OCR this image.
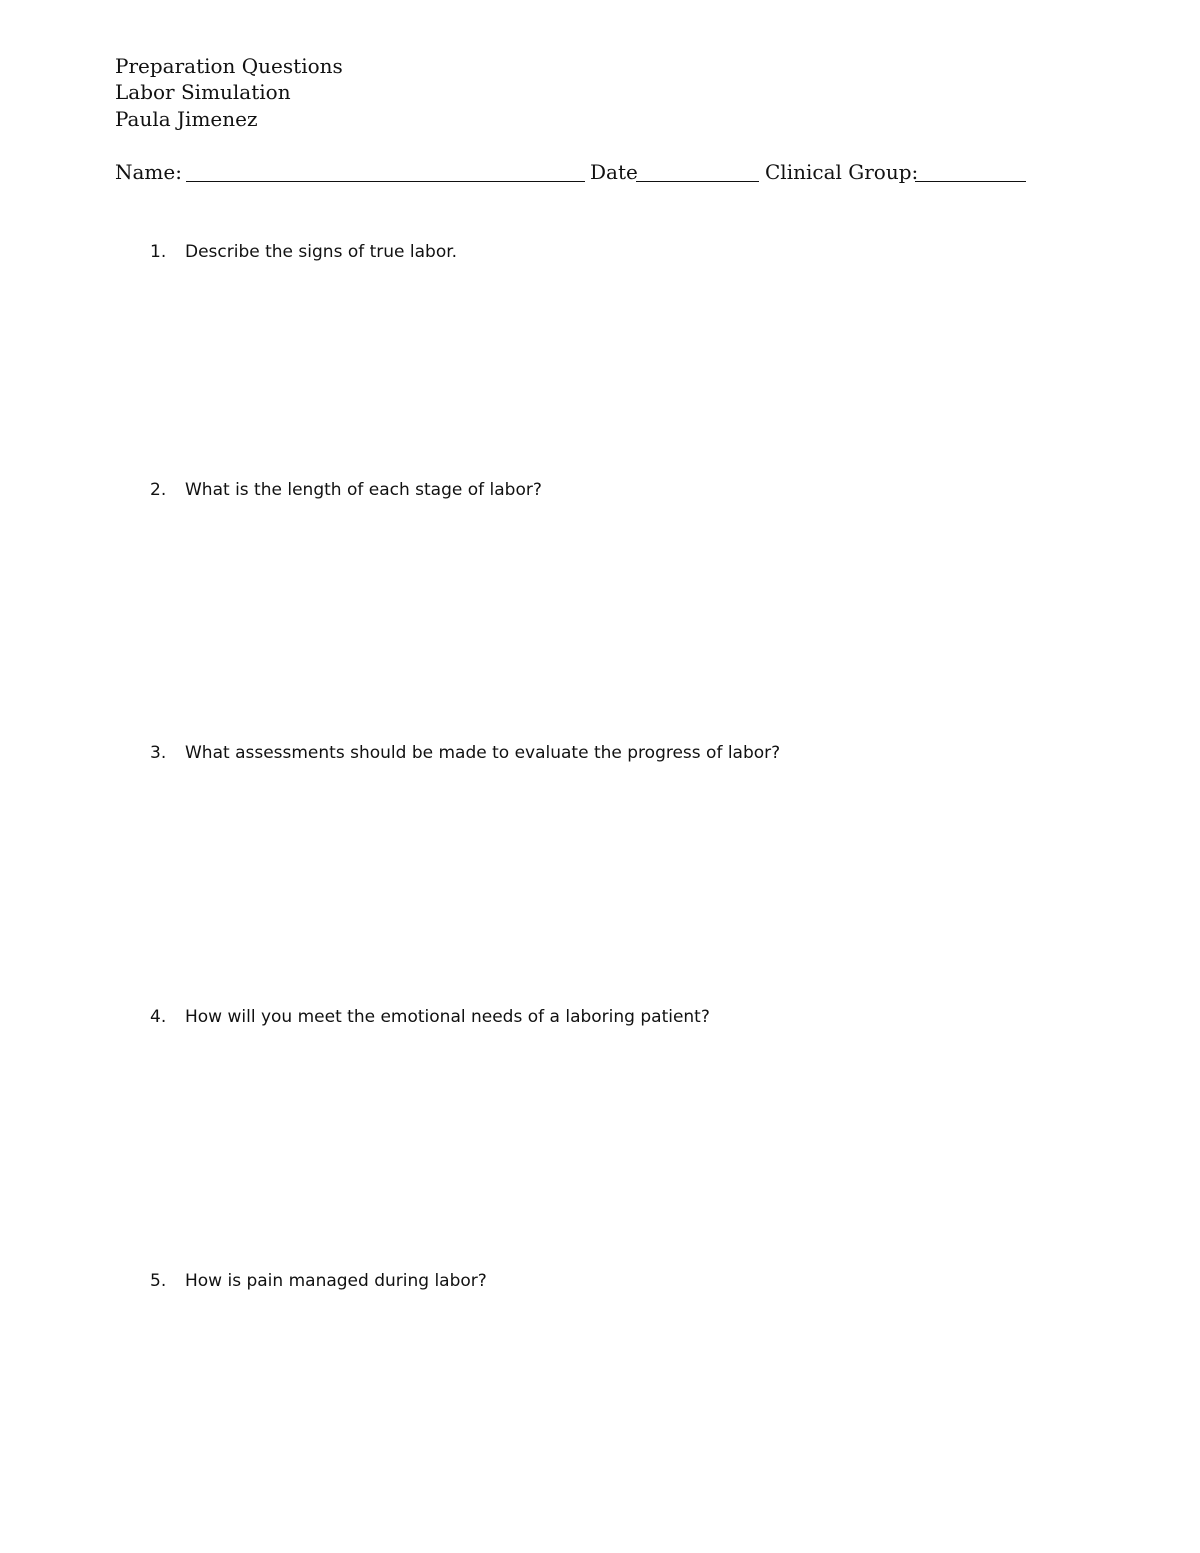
Preparation Questions
Labor Simulation
Paula Jimenez
Name:	Date	Clinical Group:
1. Describe the signs of true labor.
2. What is the length of each stage of labor?
3. What assessments should be made to evaluate the progress of labor?
4. How will you meet the emotional needs of a laboring patient?
5. How is pain managed during labor?
